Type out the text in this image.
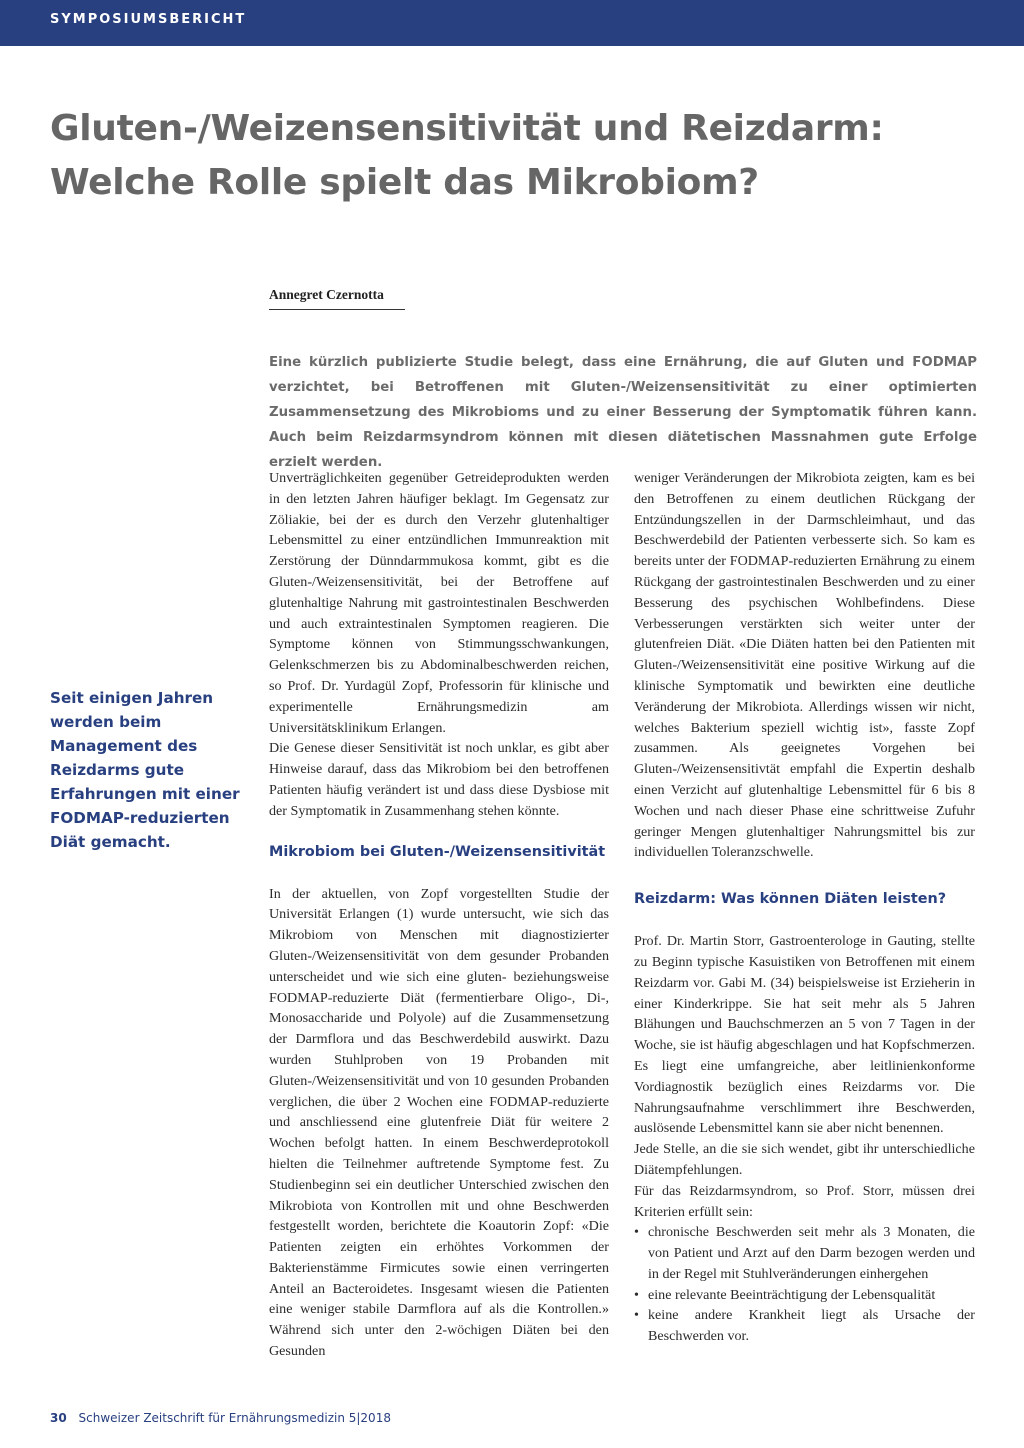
SYMPOSIUMSBERICHT
Gluten-/Weizensensitivität und Reizdarm: Welche Rolle spielt das Mikrobiom?
Annegret Czernotta

Eine kürzlich publizierte Studie belegt, dass eine Ernährung, die auf Gluten und FODMAP verzichtet, bei Betroffenen mit Gluten-/Weizensensitivität zu einer optimierten Zusammensetzung des Mikrobioms und zu einer Besserung der Symptomatik führen kann. Auch beim Reizdarmsyndrom können mit diesen diätetischen Massnahmen gute Erfolge erzielt werden.

Seit einigen Jahren werden beim Management des Reizdarms gute Erfahrungen mit einer FODMAP-reduzierten Diät gemacht.

Unverträglichkeiten gegenüber Getreideprodukten werden in den letzten Jahren häufiger beklagt. Im Gegensatz zur Zöliakie, bei der es durch den Verzehr glutenhaltiger Lebensmittel zu einer entzündlichen Immunreaktion mit Zerstörung der Dünndarmmukosa kommt, gibt es die Gluten-/Weizensensitivität, bei der Betroffene auf glutenhaltige Nahrung mit gastrointestinalen Beschwerden und auch extraintestinalen Symptomen reagieren. Die Symptome können von Stimmungsschwankungen, Gelenkschmerzen bis zu Abdominalbeschwerden reichen, so Prof. Dr. Yurdagül Zopf, Professorin für klinische und experimentelle Ernährungsmedizin am Universitätsklinikum Erlangen.

Die Genese dieser Sensitivität ist noch unklar, es gibt aber Hinweise darauf, dass das Mikrobiom bei den betroffenen Patienten häufig verändert ist und dass diese Dysbiose mit der Symptomatik in Zusammenhang stehen könnte.

Mikrobiom bei Gluten-/Weizensensitivität

In der aktuellen, von Zopf vorgestellten Studie der Universität Erlangen (1) wurde untersucht, wie sich das Mikrobiom von Menschen mit diagnostizierter Gluten-/Weizensensitivität von dem gesunder Probanden unterscheidet und wie sich eine gluten- beziehungsweise FODMAP-reduzierte Diät (fermentierbare Oligo-, Di-, Monosaccharide und Polyole) auf die Zusammensetzung der Darmflora und das Beschwerdebild auswirkt. Dazu wurden Stuhlproben von 19 Probanden mit Gluten-/Weizensensitivität und von 10 gesunden Probanden verglichen, die über 2 Wochen eine FODMAP-reduzierte und anschliessend eine glutenfreie Diät für weitere 2 Wochen befolgt hatten. In einem Beschwerdeprotokoll hielten die Teilnehmer auftretende Symptome fest. Zu Studienbeginn sei ein deutlicher Unterschied zwischen den Mikrobiota von Kontrollen mit und ohne Beschwerden festgestellt worden, berichtete die Koautorin Zopf: «Die Patienten zeigten ein erhöhtes Vorkommen der Bakterienstämme Firmicutes sowie einen verringerten Anteil an Bacteroidetes. Insgesamt wiesen die Patienten eine weniger stabile Darmflora auf als die Kontrollen.» Während sich unter den 2-wöchigen Diäten bei den Gesunden

weniger Veränderungen der Mikrobiota zeigten, kam es bei den Betroffenen zu einem deutlichen Rückgang der Entzündungszellen in der Darmschleimhaut, und das Beschwerdebild der Patienten verbesserte sich. So kam es bereits unter der FODMAP-reduzierten Ernährung zu einem Rückgang der gastrointestinalen Beschwerden und zu einer Besserung des psychischen Wohlbefindens. Diese Verbesserungen verstärkten sich weiter unter der glutenfreien Diät. «Die Diäten hatten bei den Patienten mit Gluten-/Weizensensitivität eine positive Wirkung auf die klinische Symptomatik und bewirkten eine deutliche Veränderung der Mikrobiota. Allerdings wissen wir nicht, welches Bakterium speziell wichtig ist», fasste Zopf zusammen. Als geeignetes Vorgehen bei Gluten-/Weizensensitivtät empfahl die Expertin deshalb einen Verzicht auf glutenhaltige Lebensmittel für 6 bis 8 Wochen und nach dieser Phase eine schrittweise Zufuhr geringer Mengen glutenhaltiger Nahrungsmittel bis zur individuellen Toleranzschwelle.

Reizdarm: Was können Diäten leisten?

Prof. Dr. Martin Storr, Gastroenterologe in Gauting, stellte zu Beginn typische Kasuistiken von Betroffenen mit einem Reizdarm vor. Gabi M. (34) beispielsweise ist Erzieherin in einer Kinderkrippe. Sie hat seit mehr als 5 Jahren Blähungen und Bauchschmerzen an 5 von 7 Tagen in der Woche, sie ist häufig abgeschlagen und hat Kopfschmerzen. Es liegt eine umfangreiche, aber leitlinienkonforme Vordiagnostik bezüglich eines Reizdarms vor. Die Nahrungsaufnahme verschlimmert ihre Beschwerden, auslösende Lebensmittel kann sie aber nicht benennen.

Jede Stelle, an die sie sich wendet, gibt ihr unterschiedliche Diätempfehlungen.

Für das Reizdarmsyndrom, so Prof. Storr, müssen drei Kriterien erfüllt sein:

• chronische Beschwerden seit mehr als 3 Monaten, die von Patient und Arzt auf den Darm bezogen werden und in der Regel mit Stuhlveränderungen einhergehen
• eine relevante Beeinträchtigung der Lebensqualität
• keine andere Krankheit liegt als Ursache der Beschwerden vor.
30 Schweizer Zeitschrift für Ernährungsmedizin 5|2018
